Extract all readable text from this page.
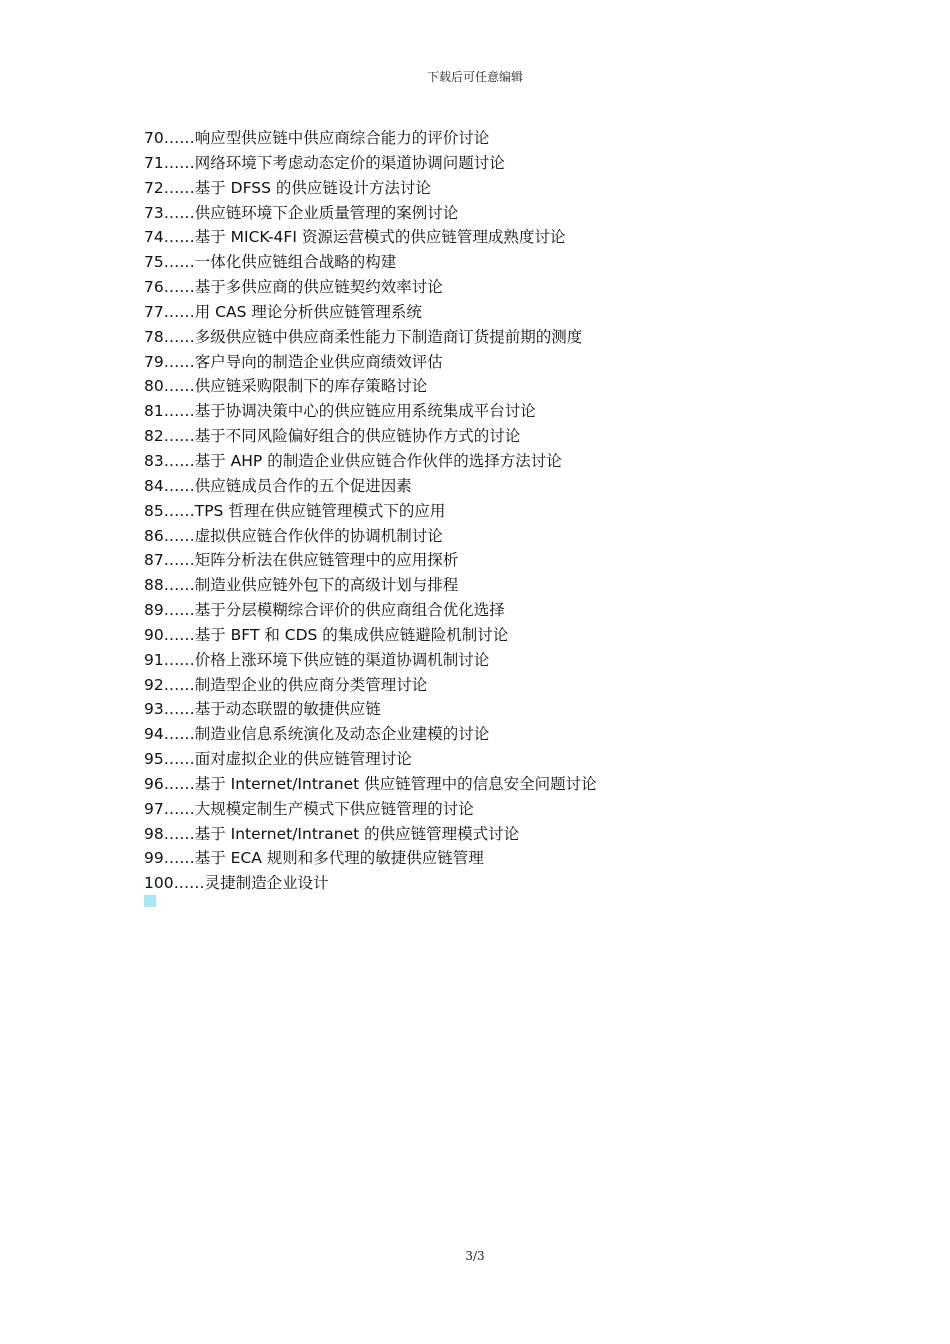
下载后可任意编辑
70……响应型供应链中供应商综合能力的评价讨论
71……网络环境下考虑动态定价的渠道协调问题讨论
72……基于 DFSS 的供应链设计方法讨论
73……供应链环境下企业质量管理的案例讨论
74……基于 MICK-4FI 资源运营模式的供应链管理成熟度讨论
75……一体化供应链组合战略的构建
76……基于多供应商的供应链契约效率讨论
77……用 CAS 理论分析供应链管理系统
78……多级供应链中供应商柔性能力下制造商订货提前期的测度
79……客户导向的制造企业供应商绩效评估
80……供应链采购限制下的库存策略讨论
81……基于协调决策中心的供应链应用系统集成平台讨论
82……基于不同风险偏好组合的供应链协作方式的讨论
83……基于 AHP 的制造企业供应链合作伙伴的选择方法讨论
84……供应链成员合作的五个促进因素
85……TPS 哲理在供应链管理模式下的应用
86……虚拟供应链合作伙伴的协调机制讨论
87……矩阵分析法在供应链管理中的应用探析
88……制造业供应链外包下的高级计划与排程
89……基于分层模糊综合评价的供应商组合优化选择
90……基于 BFT 和 CDS 的集成供应链避险机制讨论
91……价格上涨环境下供应链的渠道协调机制讨论
92……制造型企业的供应商分类管理讨论
93……基于动态联盟的敏捷供应链
94……制造业信息系统演化及动态企业建模的讨论
95……面对虚拟企业的供应链管理讨论
96……基于 Internet/Intranet 供应链管理中的信息安全问题讨论
97……大规模定制生产模式下供应链管理的讨论
98……基于 Internet/Intranet 的供应链管理模式讨论
99……基于 ECA 规则和多代理的敏捷供应链管理
100……灵捷制造企业设计
3/3
